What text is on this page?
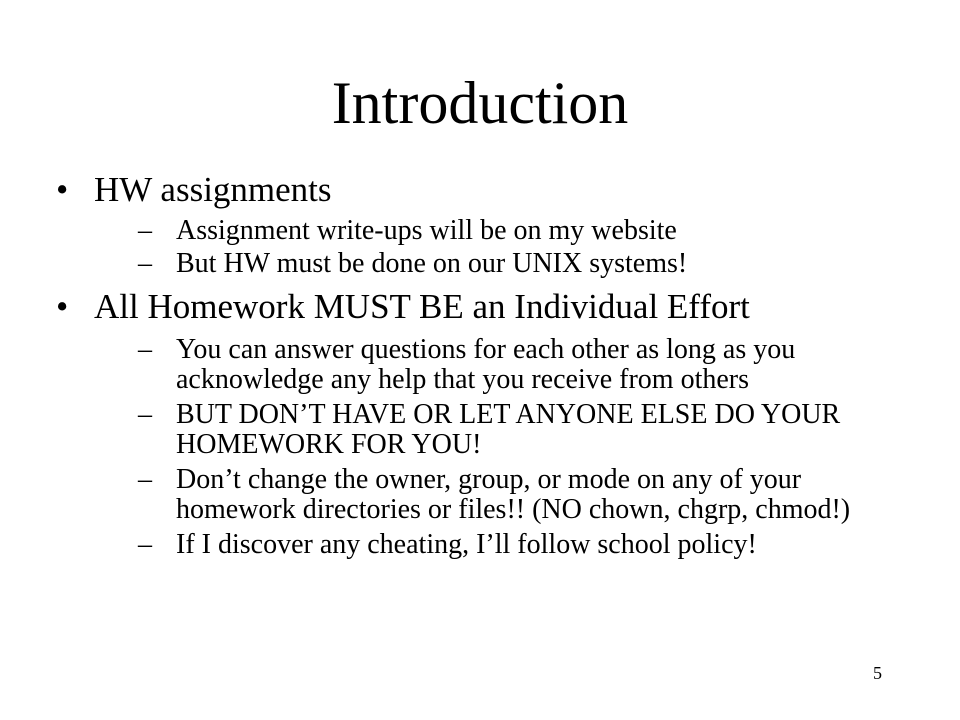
Introduction
• HW assignments
– Assignment write-ups will be on my website
– But HW must be done on our UNIX systems!
• All Homework MUST BE an Individual Effort
– You can answer questions for each other as long as you acknowledge any help that you receive from others
– BUT DON’T HAVE OR LET ANYONE ELSE DO YOUR HOMEWORK FOR YOU!
– Don’t change the owner, group, or mode on any of your homework directories or files!! (NO chown, chgrp, chmod!)
– If I discover any cheating, I’ll follow school policy!
5
